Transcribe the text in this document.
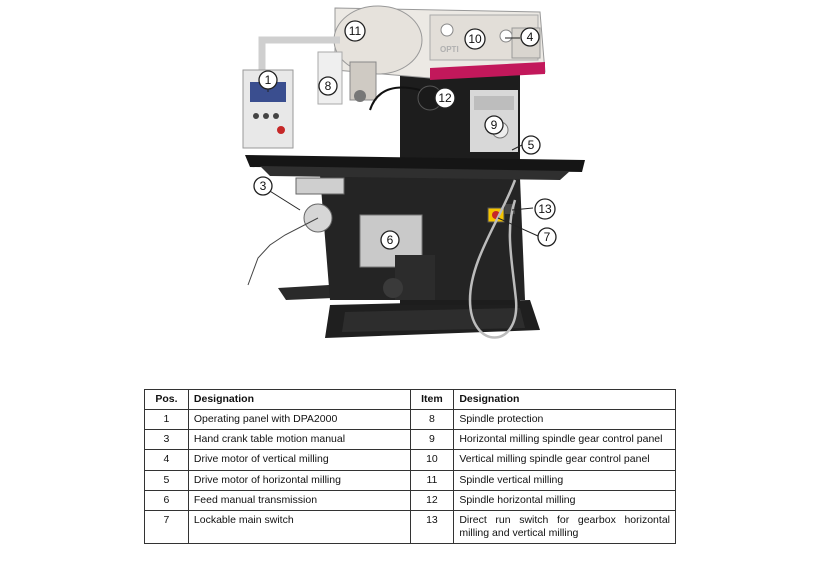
OPTI
1
3
4
5
6	7
8
9
10
11
12
13
Pos.	Designation	Item	Designation
1	Operating panel with DPA2000	8	Spindle protection
3	Hand crank table motion manual	9	Horizontal milling spindle gear control panel
4	Drive motor of vertical milling	10	Vertical milling spindle gear control panel
5	Drive motor of horizontal milling	11	Spindle vertical milling
6	Feed manual transmission	12	Spindle horizontal milling
7	Lockable main switch	13	Direct run switch for gearbox horizontal milling and vertical milling
